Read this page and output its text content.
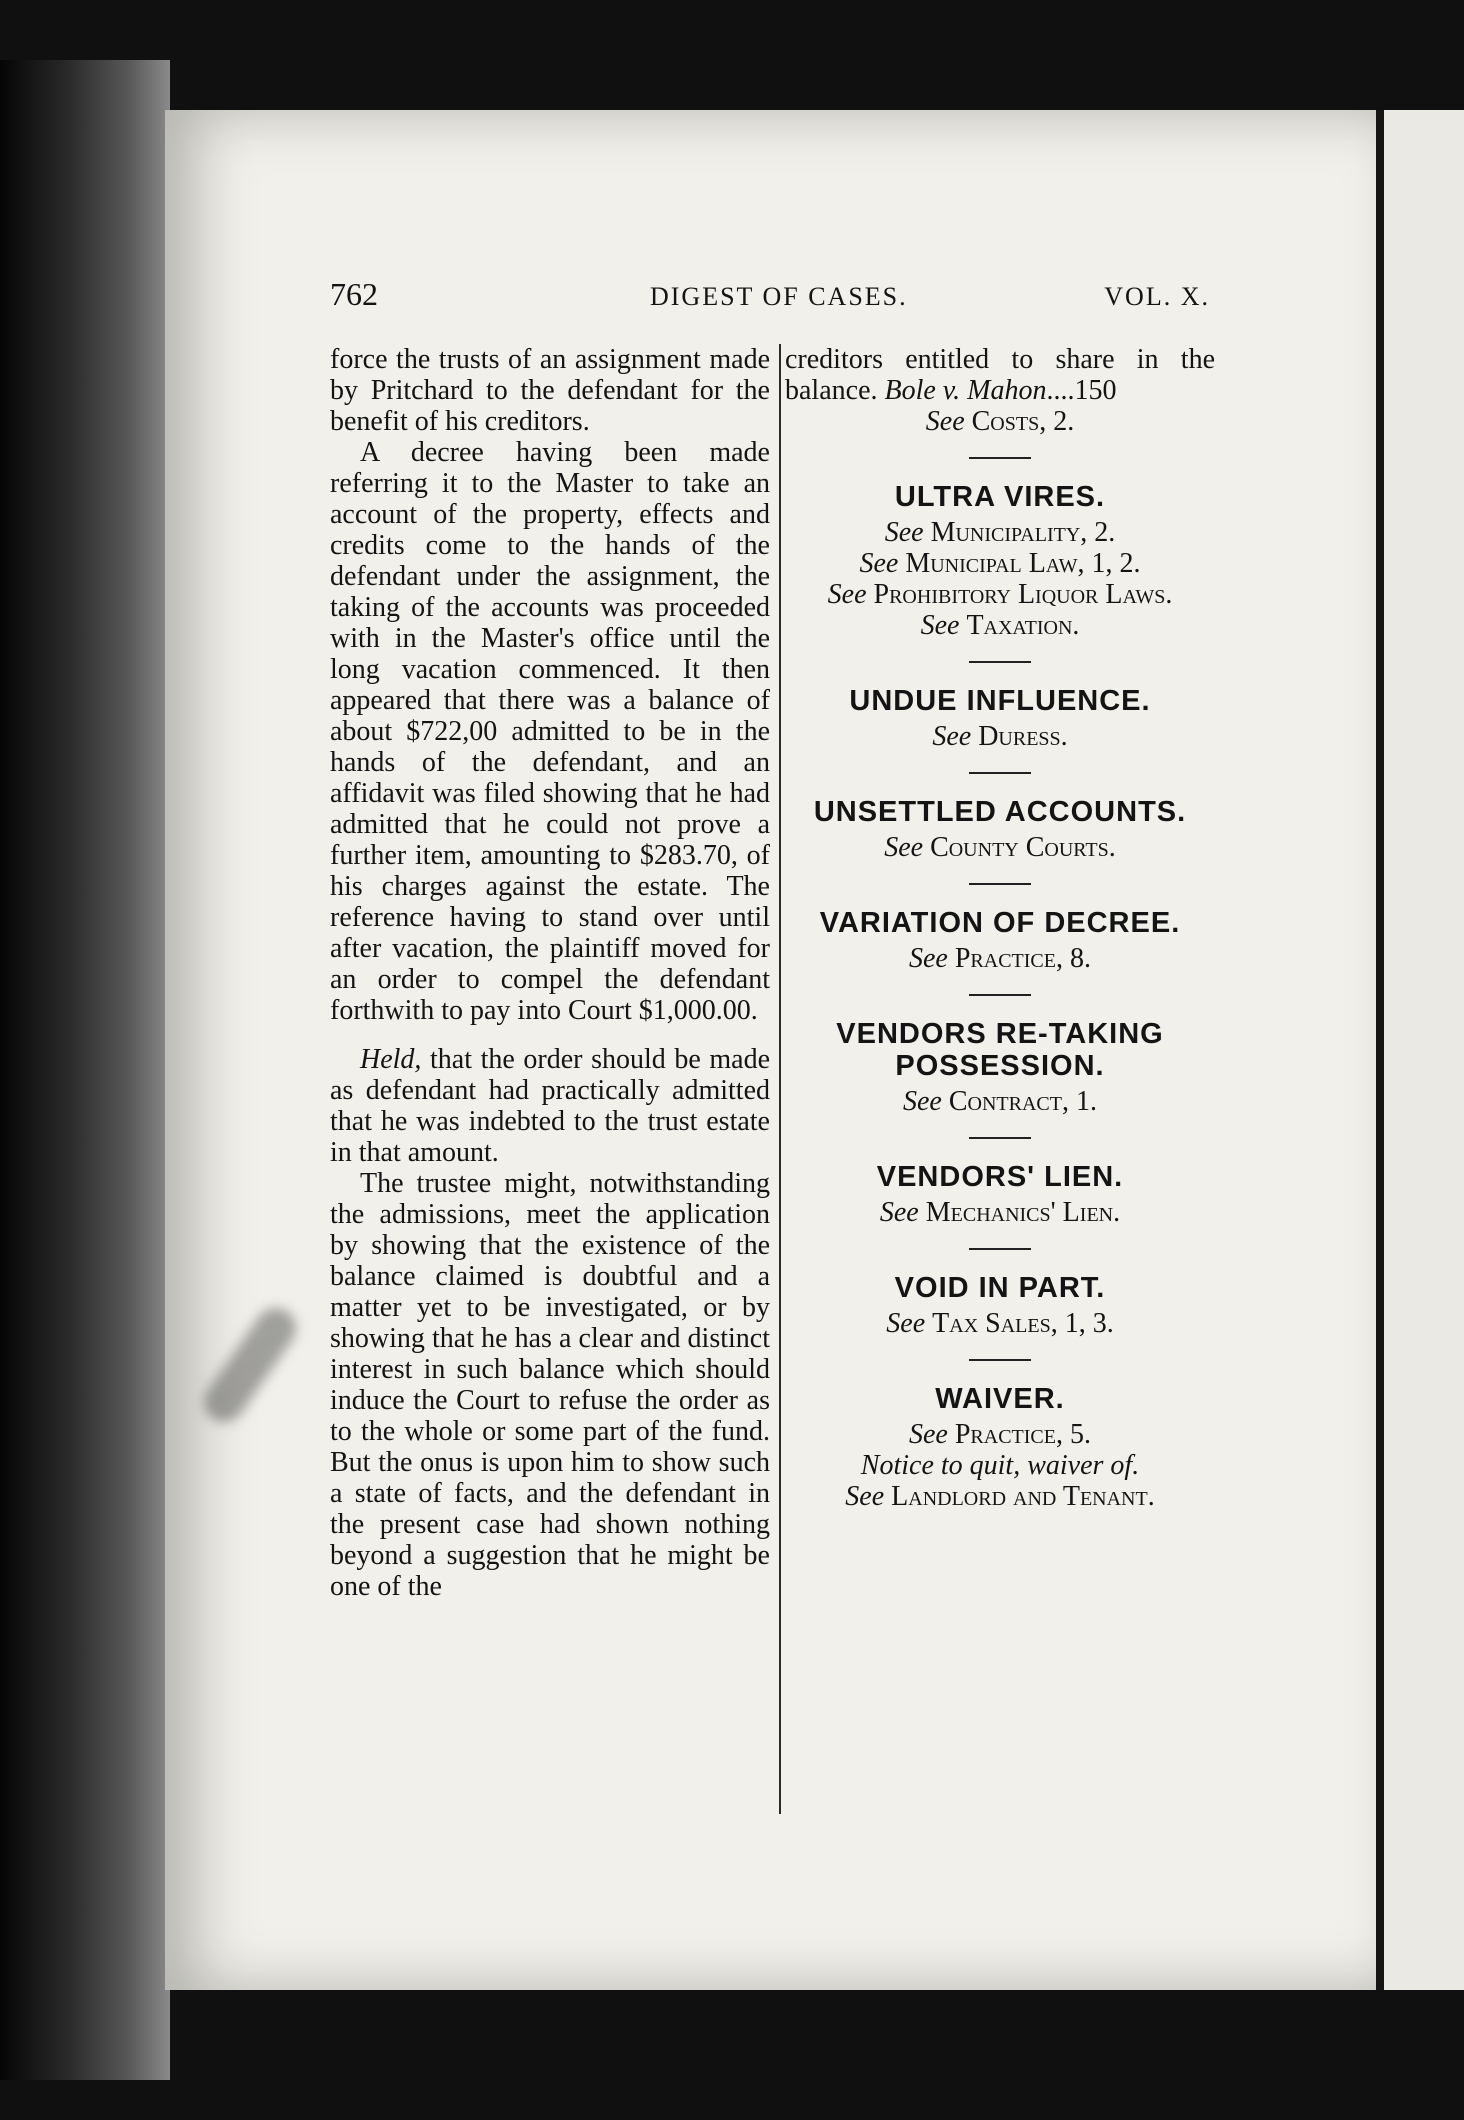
762	DIGEST OF CASES.	VOL. X.

force the trusts of an assignment made by Pritchard to the defendant for the benefit of his creditors.

A decree having been made referring it to the Master to take an account of the property, effects and credits come to the hands of the defendant under the assignment, the taking of the accounts was proceeded with in the Master's office until the long vacation commenced. It then appeared that there was a balance of about $722,00 admitted to be in the hands of the defendant, and an affidavit was filed showing that he had admitted that he could not prove a further item, amounting to $283.70, of his charges against the estate. The reference having to stand over until after vacation, the plaintiff moved for an order to compel the defendant forthwith to pay into Court $1,000.00.

Held, that the order should be made as defendant had practically admitted that he was indebted to the trust estate in that amount.

The trustee might, notwithstanding the admissions, meet the application by showing that the existence of the balance claimed is doubtful and a matter yet to be investigated, or by showing that he has a clear and distinct interest in such balance which should induce the Court to refuse the order as to the whole or some part of the fund. But the onus is upon him to show such a state of facts, and the defendant in the present case had shown nothing beyond a suggestion that he might be one of the

creditors entitled to share in the balance. Bole v. Mahon....150
See Costs, 2.
ULTRA VIRES.
See Municipality, 2.
See Municipal Law, 1, 2.
See Prohibitory Liquor Laws.
See Taxation.
UNDUE INFLUENCE.
See Duress.
UNSETTLED ACCOUNTS.
See County Courts.
VARIATION OF DECREE.
See Practice, 8.
VENDORS RE-TAKING POSSESSION.
See Contract, 1.
VENDORS' LIEN.
See Mechanics' Lien.
VOID IN PART.
See Tax Sales, 1, 3.
WAIVER.
See Practice, 5.
Notice to quit, waiver of.
See Landlord and Tenant.
